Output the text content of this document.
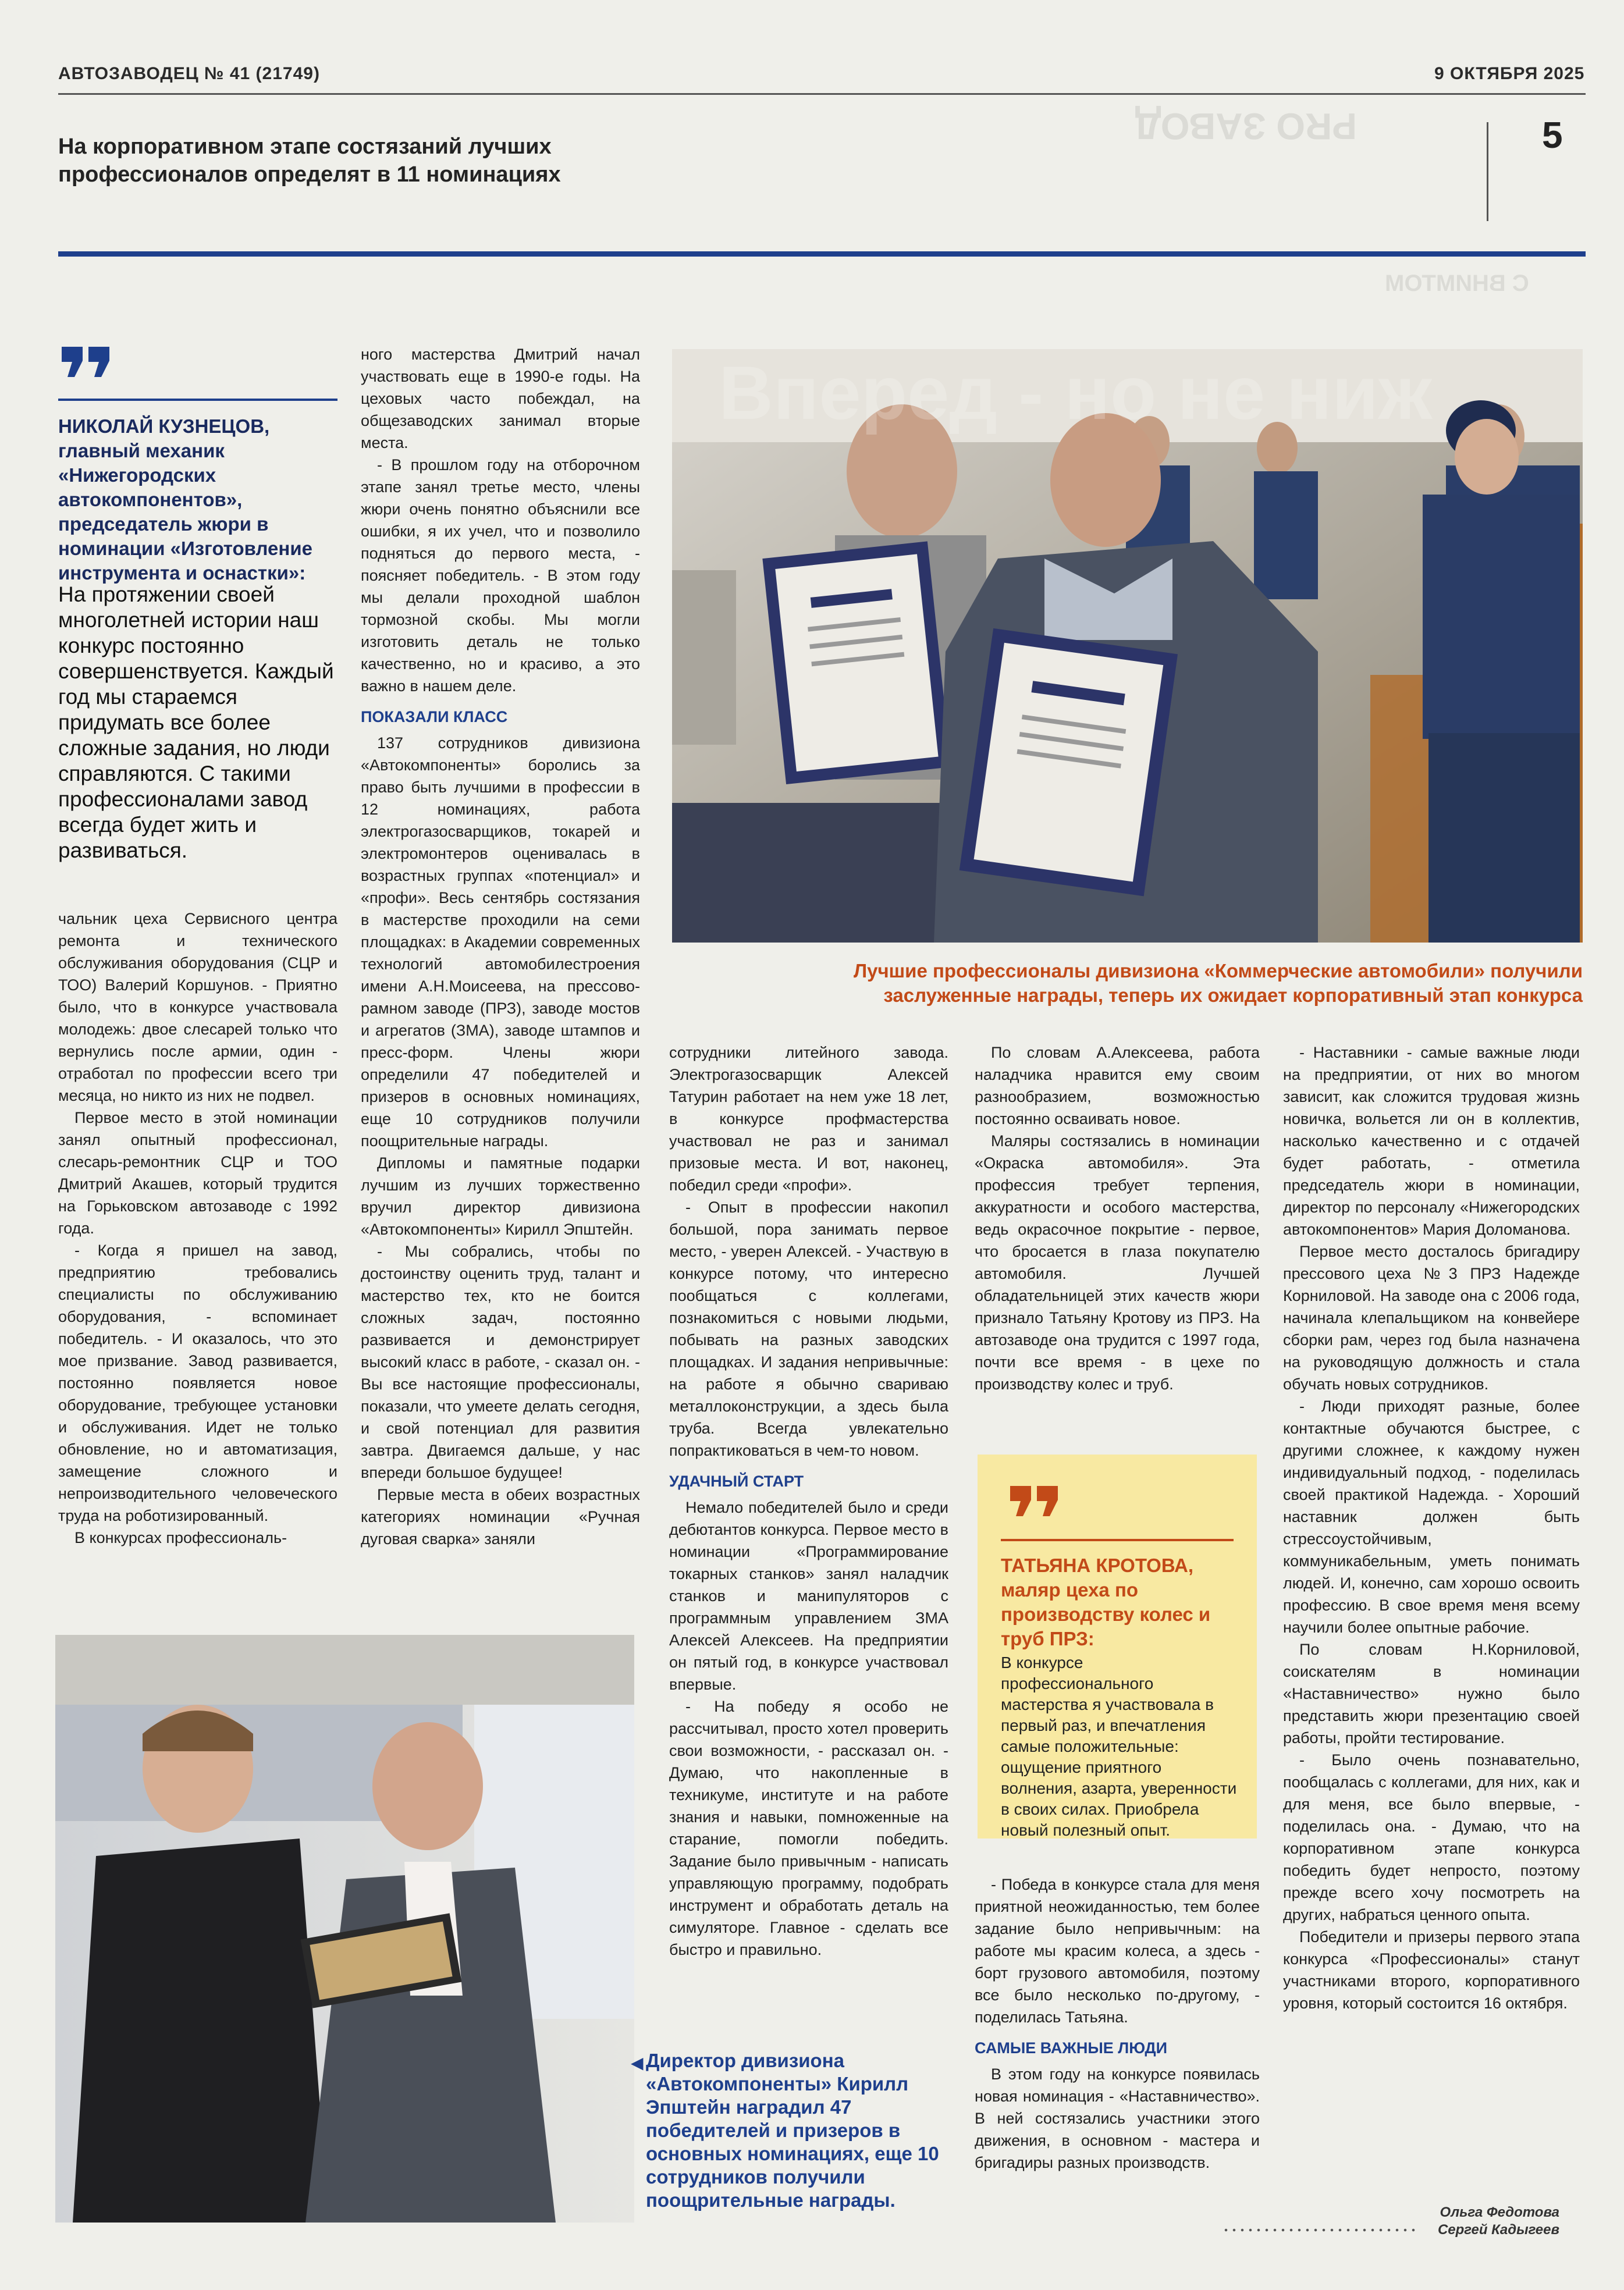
АВТОЗАВОДЕЦ № 41 (21749)	9 ОКТЯБРЯ 2025
5
На корпоративном этапе состязаний лучших профессионалов определят в 11 номинациях
PRO ЗАВОД
С ВНИМТОМ
НИКОЛАЙ КУЗНЕЦОВ,
главный механик «Нижегородских автокомпонентов», председатель жюри в номинации «Изготовление инструмента и оснастки»:
На протяжении своей многолетней истории наш конкурс постоянно совершенствуется. Каждый год мы стараемся придумать все более сложные задания, но люди справляются. С такими профессионалами завод всегда будет жить и развиваться.

чальник цеха Сервисного центра ремонта и технического обслуживания оборудования (СЦР и ТОО) Валерий Коршунов. - Приятно было, что в конкурсе участвовала молодежь: двое слесарей только что вернулись после армии, один - отработал по профессии всего три месяца, но никто из них не подвел.

Первое место в этой номинации занял опытный профессионал, слесарь-ремонтник СЦР и ТОО Дмитрий Акашев, который трудится на Горьковском автозаводе с 1992 года.

- Когда я пришел на завод, предприятию требовались специалисты по обслуживанию оборудования, - вспоминает победитель. - И оказалось, что это мое призвание. Завод развивается, постоянно появляется новое оборудование, требующее установки и обслуживания. Идет не только обновление, но и автоматизация, замещение сложного и непроизводительного человеческого труда на роботизированный.

В конкурсах профессиональ-

ного мастерства Дмитрий начал участвовать еще в 1990-е годы. На цеховых часто побеждал, на общезаводских занимал вторые места.

- В прошлом году на отборочном этапе занял третье место, члены жюри очень понятно объяснили все ошибки, я их учел, что и позволило подняться до первого места, - поясняет победитель. - В этом году мы делали проходной шаблон тормозной скобы. Мы могли изготовить деталь не только качественно, но и красиво, а это важно в нашем деле.

ПОКАЗАЛИ КЛАСС

137 сотрудников дивизиона «Автокомпоненты» боролись за право быть лучшими в профессии в 12 номинациях, работа электрогазосварщиков, токарей и электромонтеров оценивалась в возрастных группах «потенциал» и «профи». Весь сентябрь состязания в мастерстве проходили на семи площадках: в Академии современных технологий автомобилестроения имени А.Н.Моисеева, на прессово-рамном заводе (ПРЗ), заводе мостов и агрегатов (ЗМА), заводе штампов и пресс-форм. Члены жюри определили 47 победителей и призеров в основных номинациях, еще 10 сотрудников получили поощрительные награды.

Дипломы и памятные подарки лучшим из лучших торжественно вручил директор дивизиона «Автокомпоненты» Кирилл Эпштейн.

- Мы собрались, чтобы по достоинству оценить труд, талант и мастерство тех, кто не боится сложных задач, постоянно развивается и демонстрирует высокий класс в работе, - сказал он. - Вы все настоящие профессионалы, показали, что умеете делать сегодня, и свой потенциал для развития завтра. Двигаемся дальше, у нас впереди большое будущее!

Первые места в обеих возрастных категориях номинации «Ручная дуговая сварка» заняли

Вперед - но не ниж
Лучшие профессионалы дивизиона «Коммерческие автомобили» получили заслуженные награды, теперь их ожидает корпоративный этап конкурса
◀ Директор дивизиона «Автокомпоненты» Кирилл Эпштейн наградил 47 победителей и призеров в основных номинациях, еще 10 сотрудников получили поощрительные награды.

сотрудники литейного завода. Электрогазосварщик Алексей Татурин работает на нем уже 18 лет, в конкурсе профмастерства участвовал не раз и занимал призовые места. И вот, наконец, победил среди «профи».

- Опыт в профессии накопил большой, пора занимать первое место, - уверен Алексей. - Участвую в конкурсе потому, что интересно пообщаться с коллегами, познакомиться с новыми людьми, побывать на разных заводских площадках. И задания непривычные: на работе я обычно свариваю металлоконструкции, а здесь была труба. Всегда увлекательно попрактиковаться в чем-то новом.

УДАЧНЫЙ СТАРТ

Немало победителей было и среди дебютантов конкурса. Первое место в номинации «Программирование токарных станков» занял наладчик станков и манипуляторов с программным управлением ЗМА Алексей Алексеев. На предприятии он пятый год, в конкурсе участвовал впервые.

- На победу я особо не рассчитывал, просто хотел проверить свои возможности, - рассказал он. - Думаю, что накопленные в техникуме, институте и на работе знания и навыки, помноженные на старание, помогли победить. Задание было привычным - написать управляющую программу, подобрать инструмент и обработать деталь на симуляторе. Главное - сделать все быстро и правильно.

По словам А.Алексеева, работа наладчика нравится ему своим разнообразием, возможностью постоянно осваивать новое.

Маляры состязались в номинации «Окраска автомобиля». Эта профессия требует терпения, аккуратности и особого мастерства, ведь окрасочное покрытие - первое, что бросается в глаза покупателю автомобиля. Лучшей обладательницей этих качеств жюри признало Татьяну Кротову из ПРЗ. На автозаводе она трудится с 1997 года, почти все время - в цехе по производству колес и труб.

ТАТЬЯНА КРОТОВА,
маляр цеха по производству колес и труб ПРЗ:
В конкурсе профессионального мастерства я участвовала в первый раз, и впечатления самые положительные: ощущение приятного волнения, азарта, уверенности в своих силах. Приобрела новый полезный опыт.

- Победа в конкурсе стала для меня приятной неожиданностью, тем более задание было непривычным: на работе мы красим колеса, а здесь - борт грузового автомобиля, поэтому все было несколько по-другому, - поделилась Татьяна.

САМЫЕ ВАЖНЫЕ ЛЮДИ

В этом году на конкурсе появилась новая номинация - «Наставничество». В ней состязались участники этого движения, в основном - мастера и бригадиры разных производств.

- Наставники - самые важные люди на предприятии, от них во многом зависит, как сложится трудовая жизнь новичка, вольется ли он в коллектив, насколько качественно и с отдачей будет работать, - отметила председатель жюри в номинации, директор по персоналу «Нижегородских автокомпонентов» Мария Доломанова.

Первое место досталось бригадиру прессового цеха №3 ПРЗ Надежде Корниловой. На заводе она с 2006 года, начинала клепальщиком на конвейере сборки рам, через год была назначена на руководящую должность и стала обучать новых сотрудников.

- Люди приходят разные, более контактные обучаются быстрее, с другими сложнее, к каждому нужен индивидуальный подход, - поделилась своей практикой Надежда. - Хороший наставник должен быть стрессоустойчивым, коммуникабельным, уметь понимать людей. И, конечно, сам хорошо освоить профессию. В свое время меня всему научили более опытные рабочие.

По словам Н.Корниловой, соискателям в номинации «Наставничество» нужно было представить жюри презентацию своей работы, пройти тестирование.

- Было очень познавательно, пообщалась с коллегами, для них, как и для меня, все было впервые, - поделилась она. - Думаю, что на корпоративном этапе конкурса победить будет непросто, поэтому прежде всего хочу посмотреть на других, набраться ценного опыта.

Победители и призеры первого этапа конкурса «Профессионалы» станут участниками второго, корпоративного уровня, который состоится 16 октября.

Ольга Федотова
Сергей Кадыгеев
